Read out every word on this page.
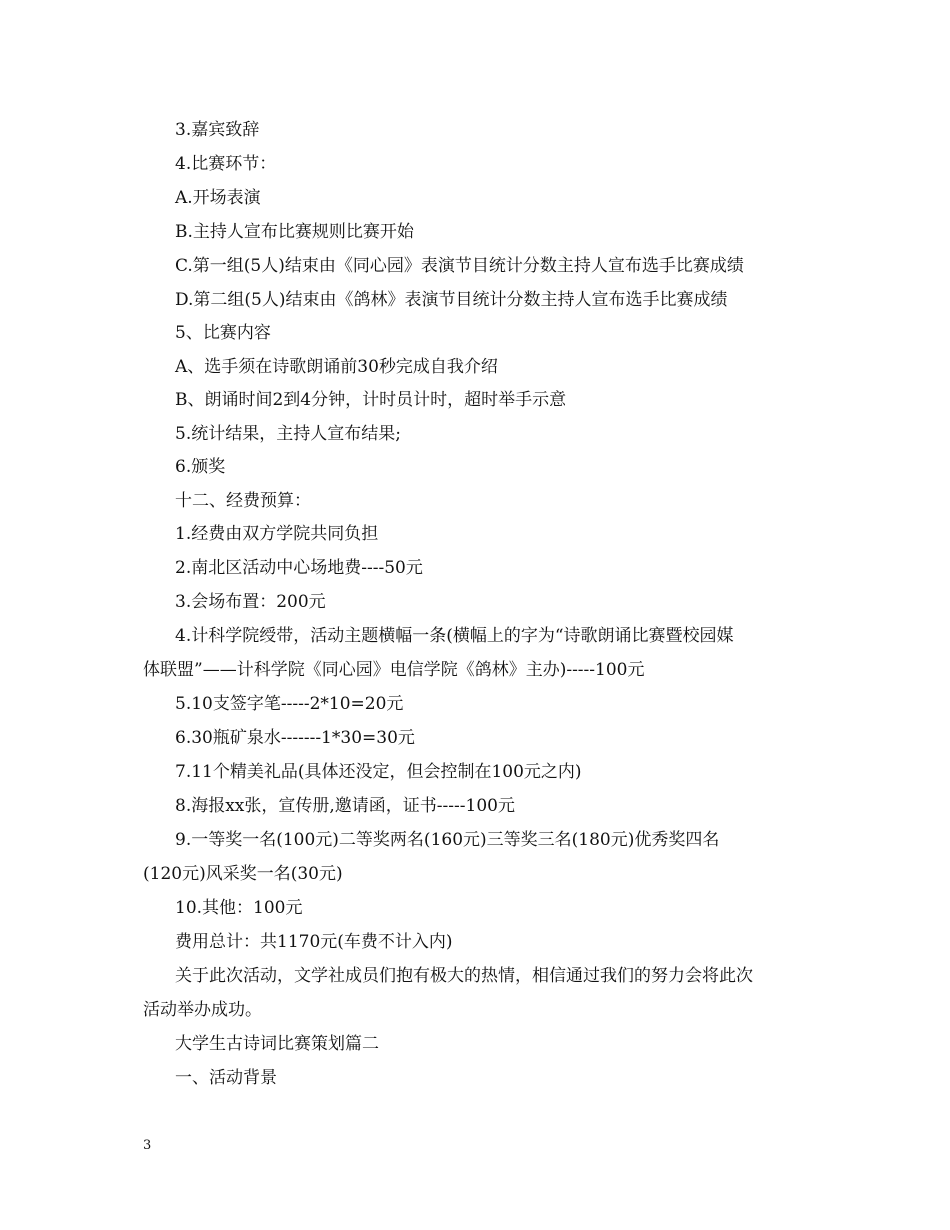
3.嘉宾致辞
4.比赛环节：
A.开场表演
B.主持人宣布比赛规则比赛开始
C.第一组(5人)结束由《同心园》表演节目统计分数主持人宣布选手比赛成绩
D.第二组(5人)结束由《鸽林》表演节目统计分数主持人宣布选手比赛成绩
5、比赛内容
A、选手须在诗歌朗诵前30秒完成自我介绍
B、朗诵时间2到4分钟，计时员计时，超时举手示意
5.统计结果，主持人宣布结果;
6.颁奖
十二、经费预算：
1.经费由双方学院共同负担
2.南北区活动中心场地费----50元
3.会场布置：200元
4.计科学院绶带，活动主题横幅一条(横幅上的字为“诗歌朗诵比赛暨校园媒
体联盟”——计科学院《同心园》电信学院《鸽林》主办)-----100元
5.10支签字笔-----2*10=20元
6.30瓶矿泉水-------1*30=30元
7.11个精美礼品(具体还没定，但会控制在100元之内)
8.海报xx张，宣传册,邀请函，证书-----100元
9.一等奖一名(100元)二等奖两名(160元)三等奖三名(180元)优秀奖四名
(120元)风采奖一名(30元)
10.其他：100元
费用总计：共1170元(车费不计入内)
关于此次活动，文学社成员们抱有极大的热情，相信通过我们的努力会将此次
活动举办成功。
大学生古诗词比赛策划篇二
一、活动背景
3
